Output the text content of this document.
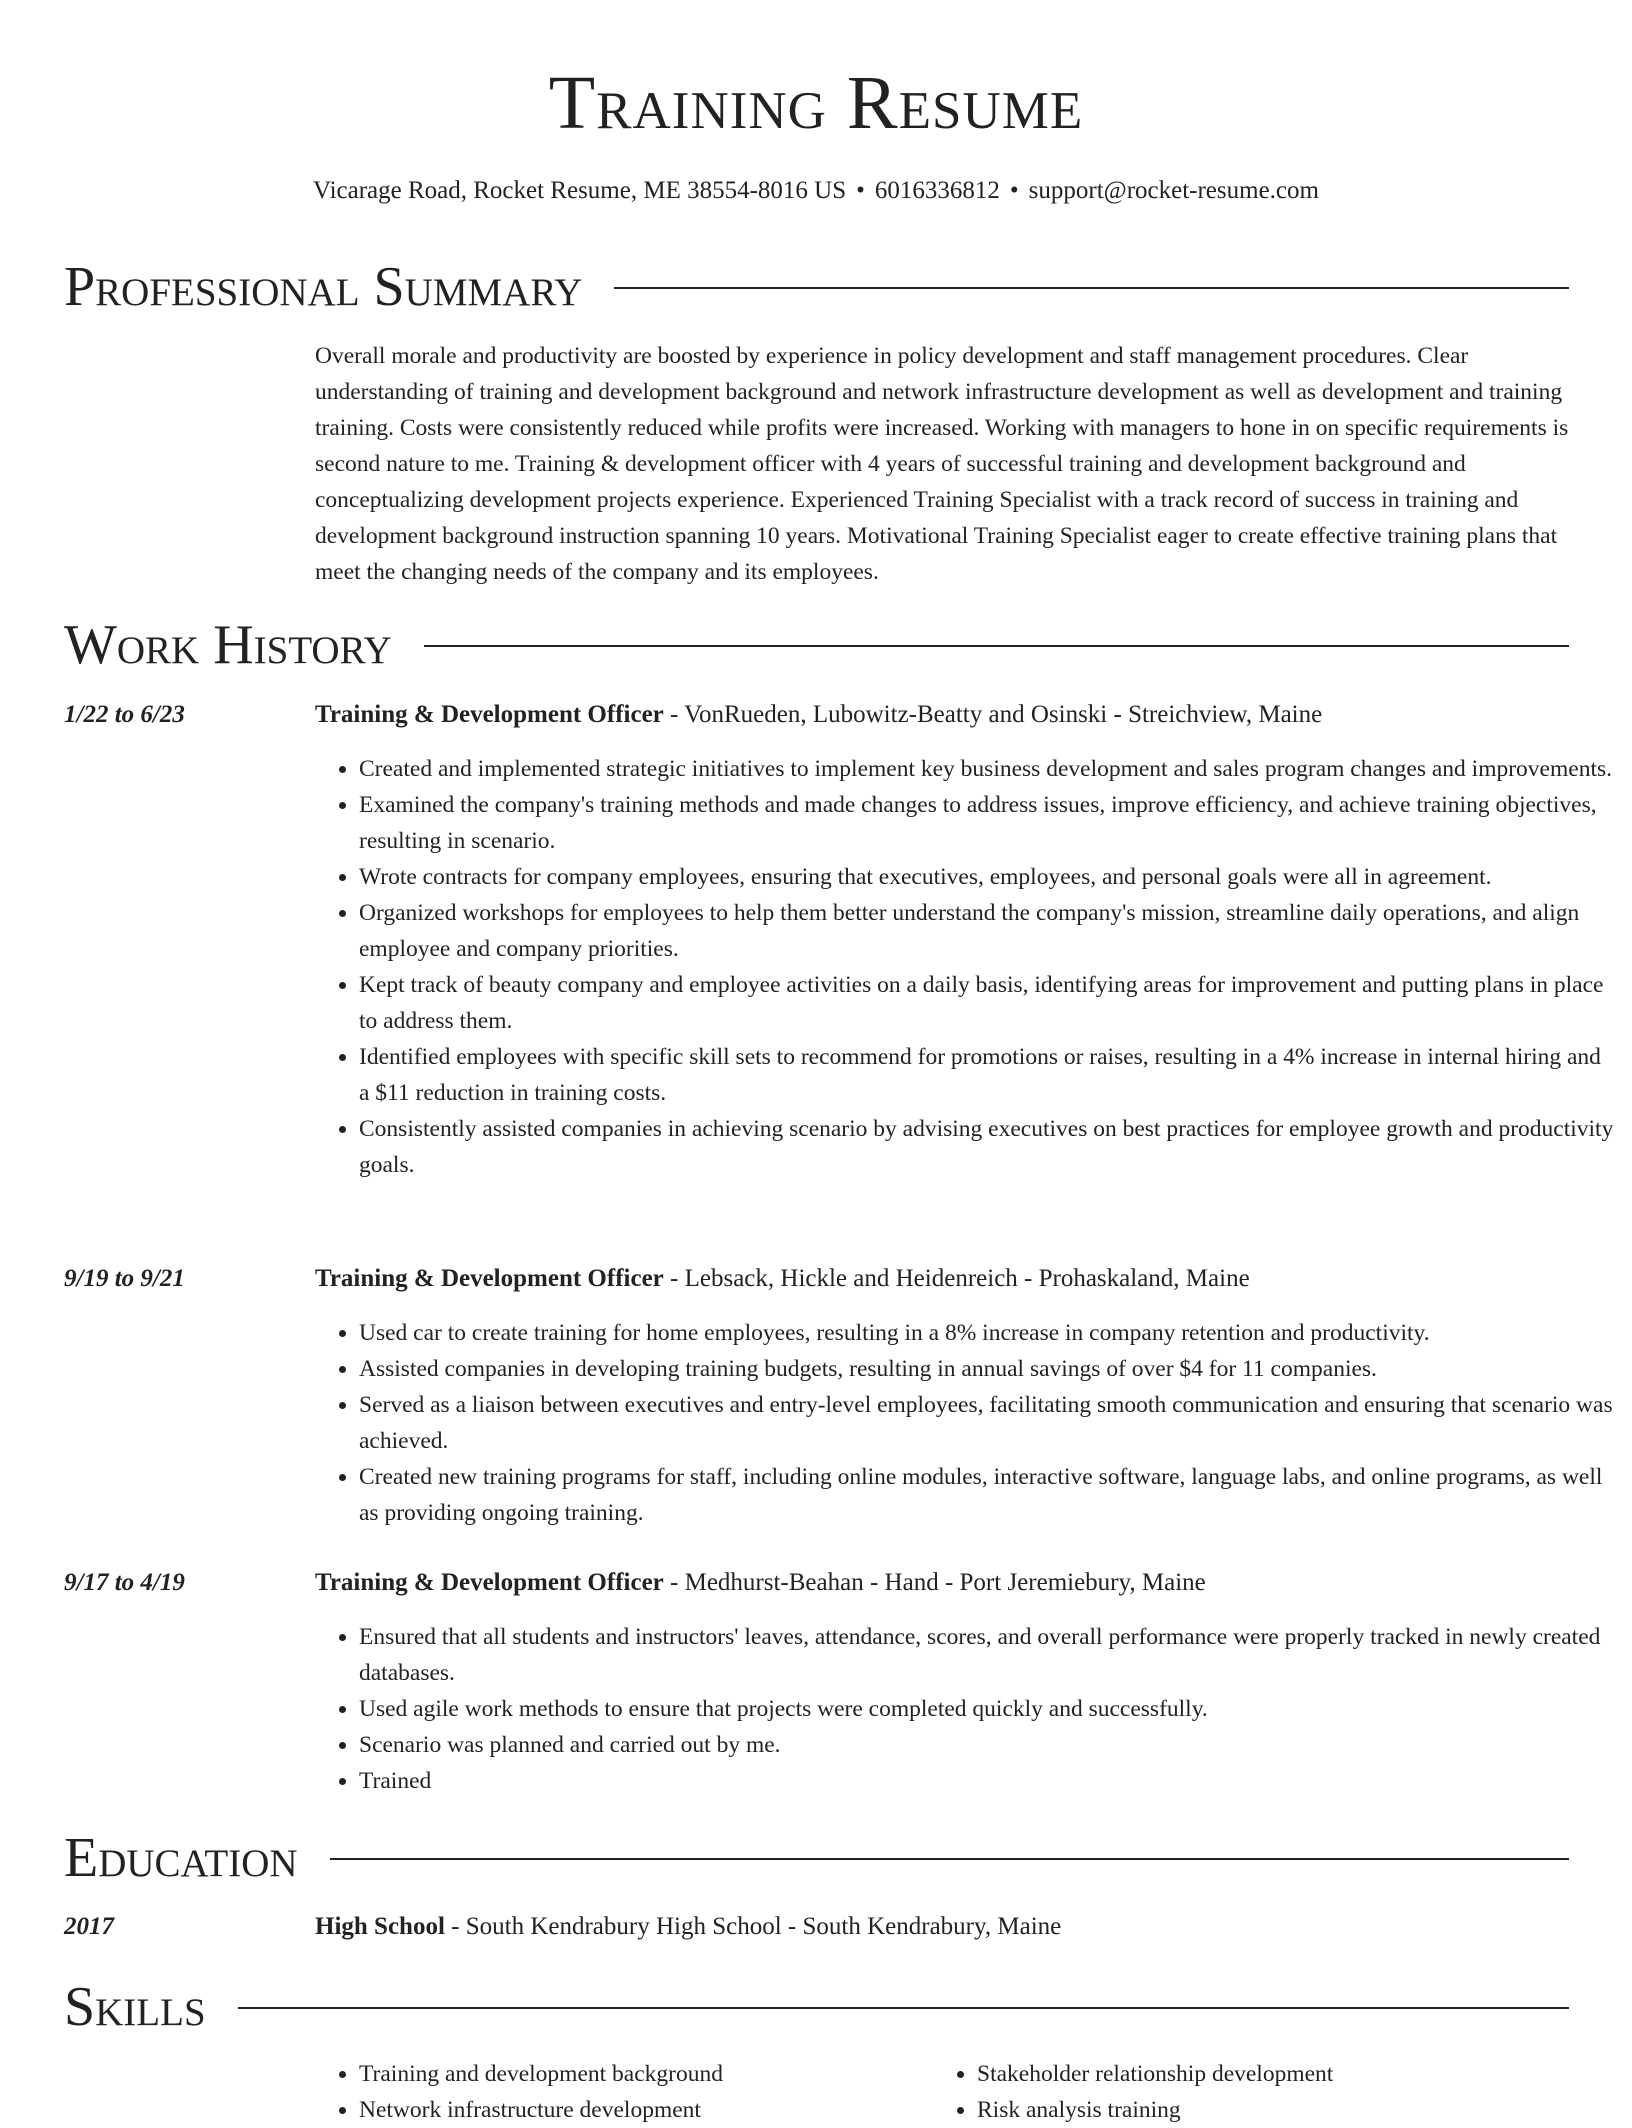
Training Resume
Vicarage Road, Rocket Resume, ME 38554-8016 US • 6016336812 • support@rocket-resume.com
Professional Summary
Overall morale and productivity are boosted by experience in policy development and staff management procedures. Clear understanding of training and development background and network infrastructure development as well as development and training training. Costs were consistently reduced while profits were increased. Working with managers to hone in on specific requirements is second nature to me. Training & development officer with 4 years of successful training and development background and conceptualizing development projects experience. Experienced Training Specialist with a track record of success in training and development background instruction spanning 10 years. Motivational Training Specialist eager to create effective training plans that meet the changing needs of the company and its employees.
Work History
1/22 to 6/23	Training & Development Officer - VonRueden, Lubowitz-Beatty and Osinski - Streichview, Maine
• Created and implemented strategic initiatives to implement key business development and sales program changes and improvements.
• Examined the company's training methods and made changes to address issues, improve efficiency, and achieve training objectives, resulting in scenario.
• Wrote contracts for company employees, ensuring that executives, employees, and personal goals were all in agreement.
• Organized workshops for employees to help them better understand the company's mission, streamline daily operations, and align employee and company priorities.
• Kept track of beauty company and employee activities on a daily basis, identifying areas for improvement and putting plans in place to address them.
• Identified employees with specific skill sets to recommend for promotions or raises, resulting in a 4% increase in internal hiring and a $11 reduction in training costs.
• Consistently assisted companies in achieving scenario by advising executives on best practices for employee growth and productivity goals.
9/19 to 9/21	Training & Development Officer - Lebsack, Hickle and Heidenreich - Prohaskaland, Maine
• Used car to create training for home employees, resulting in a 8% increase in company retention and productivity.
• Assisted companies in developing training budgets, resulting in annual savings of over $4 for 11 companies.
• Served as a liaison between executives and entry-level employees, facilitating smooth communication and ensuring that scenario was achieved.
• Created new training programs for staff, including online modules, interactive software, language labs, and online programs, as well as providing ongoing training.
9/17 to 4/19	Training & Development Officer - Medhurst-Beahan - Hand - Port Jeremiebury, Maine
• Ensured that all students and instructors' leaves, attendance, scores, and overall performance were properly tracked in newly created databases.
• Used agile work methods to ensure that projects were completed quickly and successfully.
• Scenario was planned and carried out by me.
• Trained
Education
2017	High School - South Kendrabury High School - South Kendrabury, Maine
Skills
• Training and development background
• Network infrastructure development
• Stakeholder relationship development
• Risk analysis training
